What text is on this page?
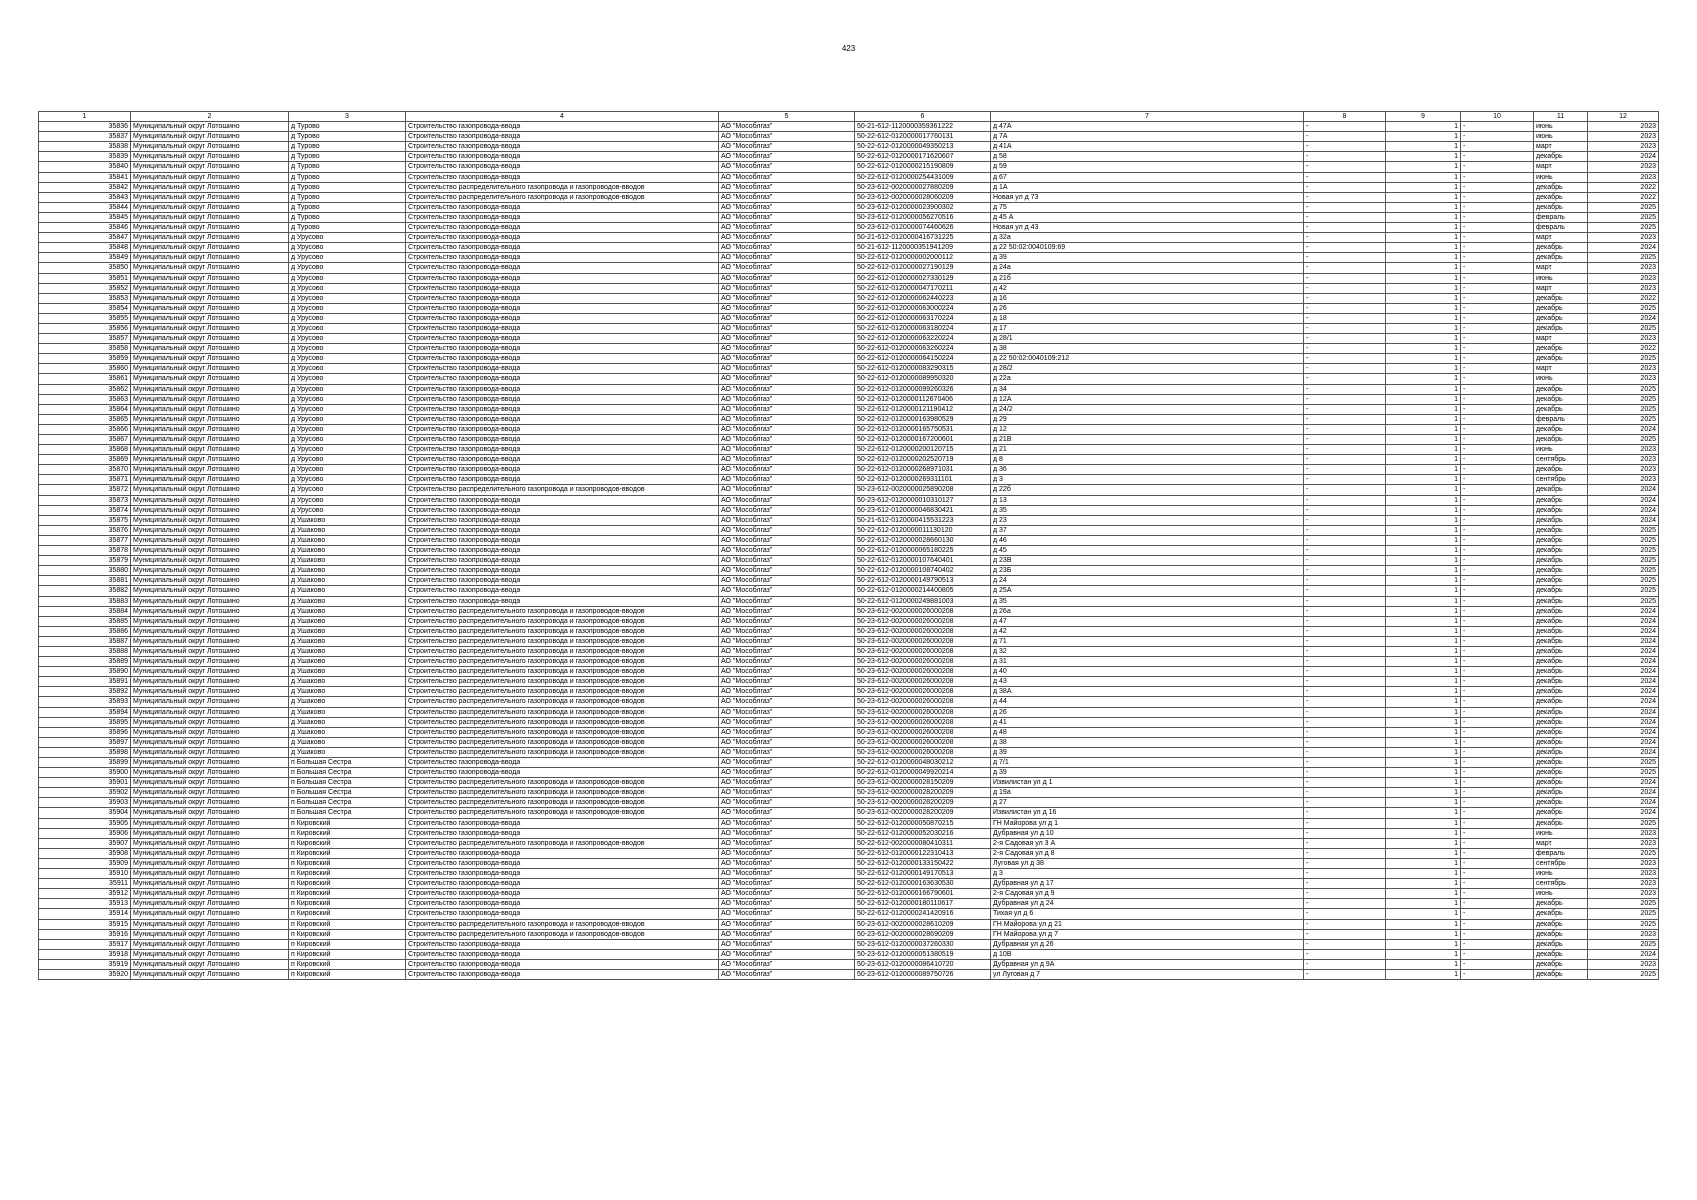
423
1	2	3	4	5	6	7	8	9	10	11	12
35836	Муниципальный округ Лотошино	д Турово	Строительство газопровода-ввода	АО "Мособлгаз"	50-21-612-1120000359361222	д 47А	-	1	-	июнь	2023
35837	Муниципальный округ Лотошино	д Турово	Строительство газопровода-ввода	АО "Мособлгаз"	50-22-612-0120000017760131	д 7А	-	1	-	июнь	2023
35838	Муниципальный округ Лотошино	д Турово	Строительство газопровода-ввода	АО "Мособлгаз"	50-22-612-0120000049350213	д 41А	-	1	-	март	2023
35839	Муниципальный округ Лотошино	д Турово	Строительство газопровода-ввода	АО "Мособлгаз"	50-22-612-0120000171620607	д 58	-	1	-	декабрь	2024
35840	Муниципальный округ Лотошино	д Турово	Строительство газопровода-ввода	АО "Мособлгаз"	50-22-612-0120000215190809	д 59	-	1	-	март	2023
35841	Муниципальный округ Лотошино	д Турово	Строительство газопровода-ввода	АО "Мособлгаз"	50-22-612-0120000254431009	д 67	-	1	-	июнь	2023
35842	Муниципальный округ Лотошино	д Турово	Строительство распределительного газопровода и газопроводов-вводов	АО "Мособлгаз"	50-23-612-0020000027880209	д 1А	-	1	-	декабрь	2022
35843	Муниципальный округ Лотошино	д Турово	Строительство распределительного газопровода и газопроводов-вводов	АО "Мособлгаз"	50-23-612-0020000028060209	Новая ул д 73	-	1	-	декабрь	2022
35844	Муниципальный округ Лотошино	д Турово	Строительство газопровода-ввода	АО "Мособлгаз"	50-23-612-0120000023900302	д 75	-	1	-	декабрь	2025
35845	Муниципальный округ Лотошино	д Турово	Строительство газопровода-ввода	АО "Мособлгаз"	50-23-612-0120000056270516	д 45 А	-	1	-	февраль	2025
35846	Муниципальный округ Лотошино	д Турово	Строительство газопровода-ввода	АО "Мособлгаз"	50-23-612-0120000074460626	Новая ул д 43	-	1	-	февраль	2025
35847	Муниципальный округ Лотошино	д Урусово	Строительство газопровода-ввода	АО "Мособлгаз"	50-21-612-0120000416731225	д 32а	-	1	-	март	2023
35848	Муниципальный округ Лотошино	д Урусово	Строительство газопровода-ввода	АО "Мособлгаз"	50-21-612-1120000351941209	д 22 50:02:0040109:69	-	1	-	декабрь	2024
35849	Муниципальный округ Лотошино	д Урусово	Строительство газопровода-ввода	АО "Мособлгаз"	50-22-612-0120000002000112	д 39	-	1	-	декабрь	2025
35850	Муниципальный округ Лотошино	д Урусово	Строительство газопровода-ввода	АО "Мособлгаз"	50-22-612-0120000027190129	д 24а	-	1	-	март	2023
35851	Муниципальный округ Лотошино	д Урусово	Строительство газопровода-ввода	АО "Мособлгаз"	50-22-612-0120000027330129	д 21б	-	1	-	июнь	2023
35852	Муниципальный округ Лотошино	д Урусово	Строительство газопровода-ввода	АО "Мособлгаз"	50-22-612-0120000047170211	д 42	-	1	-	март	2023
35853	Муниципальный округ Лотошино	д Урусово	Строительство газопровода-ввода	АО "Мособлгаз"	50-22-612-0120000062440223	д 16	-	1	-	декабрь	2022
35854	Муниципальный округ Лотошино	д Урусово	Строительство газопровода-ввода	АО "Мособлгаз"	50-22-612-0120000063000224	д 26	-	1	-	декабрь	2025
35855	Муниципальный округ Лотошино	д Урусово	Строительство газопровода-ввода	АО "Мособлгаз"	50-22-612-0120000063170224	д 18	-	1	-	декабрь	2024
35856	Муниципальный округ Лотошино	д Урусово	Строительство газопровода-ввода	АО "Мособлгаз"	50-22-612-0120000063180224	д 17	-	1	-	декабрь	2025
35857	Муниципальный округ Лотошино	д Урусово	Строительство газопровода-ввода	АО "Мособлгаз"	50-22-612-0120000063220224	д 28/1	-	1	-	март	2023
35858	Муниципальный округ Лотошино	д Урусово	Строительство газопровода-ввода	АО "Мособлгаз"	50-22-612-0120000063260224	д 38	-	1	-	декабрь	2022
35859	Муниципальный округ Лотошино	д Урусово	Строительство газопровода-ввода	АО "Мособлгаз"	50-22-612-0120000064150224	д 22 50:02:0040109:212	-	1	-	декабрь	2025
35860	Муниципальный округ Лотошино	д Урусово	Строительство газопровода-ввода	АО "Мособлгаз"	50-22-612-0120000083290315	д 28/2	-	1	-	март	2023
35861	Муниципальный округ Лотошино	д Урусово	Строительство газопровода-ввода	АО "Мособлгаз"	50-22-612-0120000089950320	д 22а	-	1	-	июнь	2023
35862	Муниципальный округ Лотошино	д Урусово	Строительство газопровода-ввода	АО "Мособлгаз"	50-22-612-0120000099260326	д 34	-	1	-	декабрь	2025
35863	Муниципальный округ Лотошино	д Урусово	Строительство газопровода-ввода	АО "Мособлгаз"	50-22-612-0120000112670406	д 12А	-	1	-	декабрь	2025
35864	Муниципальный округ Лотошино	д Урусово	Строительство газопровода-ввода	АО "Мособлгаз"	50-22-612-0120000121190412	д 24/2	-	1	-	декабрь	2025
35865	Муниципальный округ Лотошино	д Урусово	Строительство газопровода-ввода	АО "Мособлгаз"	50-22-612-0120000163980529	д 29	-	1	-	февраль	2025
35866	Муниципальный округ Лотошино	д Урусово	Строительство газопровода-ввода	АО "Мособлгаз"	50-22-612-0120000165750531	д 12	-	1	-	декабрь	2024
35867	Муниципальный округ Лотошино	д Урусово	Строительство газопровода-ввода	АО "Мособлгаз"	50-22-612-0120000167200601	д 21В	-	1	-	декабрь	2025
35868	Муниципальный округ Лотошино	д Урусово	Строительство газопровода-ввода	АО "Мособлгаз"	50-22-612-0120000200120715	д 21	-	1	-	июнь	2023
35869	Муниципальный округ Лотошино	д Урусово	Строительство газопровода-ввода	АО "Мособлгаз"	50-22-612-0120000202520719	д 8	-	1	-	сентябрь	2023
35870	Муниципальный округ Лотошино	д Урусово	Строительство газопровода-ввода	АО "Мособлгаз"	50-22-612-0120000268971031	д 36	-	1	-	декабрь	2023
35871	Муниципальный округ Лотошино	д Урусово	Строительство газопровода-ввода	АО "Мособлгаз"	50-22-612-0120000269311101	д 3	-	1	-	сентябрь	2023
35872	Муниципальный округ Лотошино	д Урусово	Строительство распределительного газопровода и газопроводов-вводов	АО "Мособлгаз"	50-23-612-0020000025890208	д 22б	-	1	-	декабрь	2024
35873	Муниципальный округ Лотошино	д Урусово	Строительство газопровода-ввода	АО "Мособлгаз"	50-23-612-0120000010310127	д 13	-	1	-	декабрь	2024
35874	Муниципальный округ Лотошино	д Урусово	Строительство газопровода-ввода	АО "Мособлгаз"	50-23-612-0120000046830421	д 35	-	1	-	декабрь	2024
35875	Муниципальный округ Лотошино	д Ушаково	Строительство газопровода-ввода	АО "Мособлгаз"	50-21-612-0120000415531223	д 23	-	1	-	декабрь	2024
35876	Муниципальный округ Лотошино	д Ушаково	Строительство газопровода-ввода	АО "Мособлгаз"	50-22-612-0120000011130120	д 37	-	1	-	декабрь	2025
35877	Муниципальный округ Лотошино	д Ушаково	Строительство газопровода-ввода	АО "Мособлгаз"	50-22-612-0120000028660130	д 46	-	1	-	декабрь	2025
35878	Муниципальный округ Лотошино	д Ушаково	Строительство газопровода-ввода	АО "Мособлгаз"	50-22-612-0120000065180225	д 45	-	1	-	декабрь	2025
35879	Муниципальный округ Лотошино	д Ушаково	Строительство газопровода-ввода	АО "Мособлгаз"	50-22-612-0120000107640401	д 23В	-	1	-	декабрь	2025
35880	Муниципальный округ Лотошино	д Ушаково	Строительство газопровода-ввода	АО "Мособлгаз"	50-22-612-0120000108740402	д 23Б	-	1	-	декабрь	2025
35881	Муниципальный округ Лотошино	д Ушаково	Строительство газопровода-ввода	АО "Мособлгаз"	50-22-612-0120000149790513	д 24	-	1	-	декабрь	2025
35882	Муниципальный округ Лотошино	д Ушаково	Строительство газопровода-ввода	АО "Мособлгаз"	50-22-612-0120000214400805	д 25А	-	1	-	декабрь	2025
35883	Муниципальный округ Лотошино	д Ушаково	Строительство газопровода-ввода	АО "Мособлгаз"	50-22-612-0120000249881003	д 35	-	1	-	декабрь	2025
35884	Муниципальный округ Лотошино	д Ушаково	Строительство распределительного газопровода и газопроводов-вводов	АО "Мособлгаз"	50-23-612-0020000026000208	д 26а	-	1	-	декабрь	2024
35885	Муниципальный округ Лотошино	д Ушаково	Строительство распределительного газопровода и газопроводов-вводов	АО "Мособлгаз"	50-23-612-0020000026000208	д 47	-	1	-	декабрь	2024
35886	Муниципальный округ Лотошино	д Ушаково	Строительство распределительного газопровода и газопроводов-вводов	АО "Мособлгаз"	50-23-612-0020000026000208	д 42	-	1	-	декабрь	2024
35887	Муниципальный округ Лотошино	д Ушаково	Строительство распределительного газопровода и газопроводов-вводов	АО "Мособлгаз"	50-23-612-0020000026000208	д 71	-	1	-	декабрь	2024
35888	Муниципальный округ Лотошино	д Ушаково	Строительство распределительного газопровода и газопроводов-вводов	АО "Мособлгаз"	50-23-612-0020000026000208	д 32	-	1	-	декабрь	2024
35889	Муниципальный округ Лотошино	д Ушаково	Строительство распределительного газопровода и газопроводов-вводов	АО "Мособлгаз"	50-23-612-0020000026000208	д 31	-	1	-	декабрь	2024
35890	Муниципальный округ Лотошино	д Ушаково	Строительство распределительного газопровода и газопроводов-вводов	АО "Мособлгаз"	50-23-612-0020000026000208	д 40	-	1	-	декабрь	2024
35891	Муниципальный округ Лотошино	д Ушаково	Строительство распределительного газопровода и газопроводов-вводов	АО "Мособлгаз"	50-23-612-0020000026000208	д 43	-	1	-	декабрь	2024
35892	Муниципальный округ Лотошино	д Ушаково	Строительство распределительного газопровода и газопроводов-вводов	АО "Мособлгаз"	50-23-612-0020000026000208	д 38А	-	1	-	декабрь	2024
35893	Муниципальный округ Лотошино	д Ушаково	Строительство распределительного газопровода и газопроводов-вводов	АО "Мособлгаз"	50-23-612-0020000026000208	д 44	-	1	-	декабрь	2024
35894	Муниципальный округ Лотошино	д Ушаково	Строительство распределительного газопровода и газопроводов-вводов	АО "Мособлгаз"	50-23-612-0020000026000208	д 26	-	1	-	декабрь	2024
35895	Муниципальный округ Лотошино	д Ушаково	Строительство распределительного газопровода и газопроводов-вводов	АО "Мособлгаз"	50-23-612-0020000026000208	д 41	-	1	-	декабрь	2024
35896	Муниципальный округ Лотошино	д Ушаково	Строительство распределительного газопровода и газопроводов-вводов	АО "Мособлгаз"	50-23-612-0020000026000208	д 48	-	1	-	декабрь	2024
35897	Муниципальный округ Лотошино	д Ушаково	Строительство распределительного газопровода и газопроводов-вводов	АО "Мособлгаз"	50-23-612-0020000026000208	д 38	-	1	-	декабрь	2024
35898	Муниципальный округ Лотошино	д Ушаково	Строительство распределительного газопровода и газопроводов-вводов	АО "Мособлгаз"	50-23-612-0020000026000208	д 39	-	1	-	декабрь	2024
35899	Муниципальный округ Лотошино	п Большая Сестра	Строительство газопровода-ввода	АО "Мособлгаз"	50-22-612-0120000048030212	д 7/1	-	1	-	декабрь	2025
35900	Муниципальный округ Лотошино	п Большая Сестра	Строительство газопровода-ввода	АО "Мособлгаз"	50-22-612-0120000049920214	д 39	-	1	-	декабрь	2025
35901	Муниципальный округ Лотошино	п Большая Сестра	Строительство распределительного газопровода и газопроводов-вводов	АО "Мособлгаз"	50-23-612-0020000028150209	Извилистан ул д 1	-	1	-	декабрь	2024
35902	Муниципальный округ Лотошино	п Большая Сестра	Строительство распределительного газопровода и газопроводов-вводов	АО "Мособлгаз"	50-23-612-0020000028200209	д 19а	-	1	-	декабрь	2024
35903	Муниципальный округ Лотошино	п Большая Сестра	Строительство распределительного газопровода и газопроводов-вводов	АО "Мособлгаз"	50-23-612-0020000028200209	д 27	-	1	-	декабрь	2024
35904	Муниципальный округ Лотошино	п Большая Сестра	Строительство распределительного газопровода и газопроводов-вводов	АО "Мособлгаз"	50-23-612-0020000028200209	Извилистан ул д 16	-	1	-	декабрь	2024
35905	Муниципальный округ Лотошино	п Кировский	Строительство газопровода-ввода	АО "Мособлгаз"	50-22-612-0120000050870215	ГН Майорова ул д 1	-	1	-	декабрь	2025
35906	Муниципальный округ Лотошино	п Кировский	Строительство газопровода-ввода	АО "Мособлгаз"	50-22-612-0120000052030216	Дубравная ул д 10	-	1	-	июнь	2023
35907	Муниципальный округ Лотошино	п Кировский	Строительство распределительного газопровода и газопроводов-вводов	АО "Мособлгаз"	50-22-612-0020000080410311	2-я Садовая ул 3 А	-	1	-	март	2023
35908	Муниципальный округ Лотошино	п Кировский	Строительство газопровода-ввода	АО "Мособлгаз"	50-22-612-0120000122310413	2-я Садовая ул д 8	-	1	-	февраль	2025
35909	Муниципальный округ Лотошино	п Кировский	Строительство газопровода-ввода	АО "Мособлгаз"	50-22-612-0120000133150422	Луговая ул д 38	-	1	-	сентябрь	2023
35910	Муниципальный округ Лотошино	п Кировский	Строительство газопровода-ввода	АО "Мособлгаз"	50-22-612-0120000149170513	д 3	-	1	-	июнь	2023
35911	Муниципальный округ Лотошино	п Кировский	Строительство газопровода-ввода	АО "Мособлгаз"	50-22-612-0120000163630530	Дубравная ул д 17	-	1	-	сентябрь	2023
35912	Муниципальный округ Лотошино	п Кировский	Строительство газопровода-ввода	АО "Мособлгаз"	50-22-612-0120000166790601	2-я Садовая ул д 9	-	1	-	июнь	2023
35913	Муниципальный округ Лотошино	п Кировский	Строительство газопровода-ввода	АО "Мособлгаз"	50-22-612-0120000180110617	Дубравная ул д 24	-	1	-	декабрь	2025
35914	Муниципальный округ Лотошино	п Кировский	Строительство газопровода-ввода	АО "Мособлгаз"	50-22-612-0120000241420916	Тихая ул д 6	-	1	-	декабрь	2025
35915	Муниципальный округ Лотошино	п Кировский	Строительство распределительного газопровода и газопроводов-вводов	АО "Мособлгаз"	50-23-612-0020000028610209	ГН Майорова ул д 21	-	1	-	декабрь	2025
35916	Муниципальный округ Лотошино	п Кировский	Строительство распределительного газопровода и газопроводов-вводов	АО "Мособлгаз"	50-23-612-0020000028690209	ГН Майорова ул д 7	-	1	-	декабрь	2023
35917	Муниципальный округ Лотошино	п Кировский	Строительство газопровода-ввода	АО "Мособлгаз"	50-23-612-0120000037260330	Дубравная ул д 26	-	1	-	декабрь	2025
35918	Муниципальный округ Лотошино	п Кировский	Строительство газопровода-ввода	АО "Мособлгаз"	50-23-612-0120000051380519	д 10В	-	1	-	декабрь	2024
35919	Муниципальный округ Лотошино	п Кировский	Строительство газопровода-ввода	АО "Мособлгаз"	50-23-612-0120000086410720	Дубравная ул д 9А	-	1	-	декабрь	2023
35920	Муниципальный округ Лотошино	п Кировский	Строительство газопровода-ввода	АО "Мособлгаз"	50-23-612-0120000089750726	ул Луговая д 7	-	1	-	декабрь	2025
